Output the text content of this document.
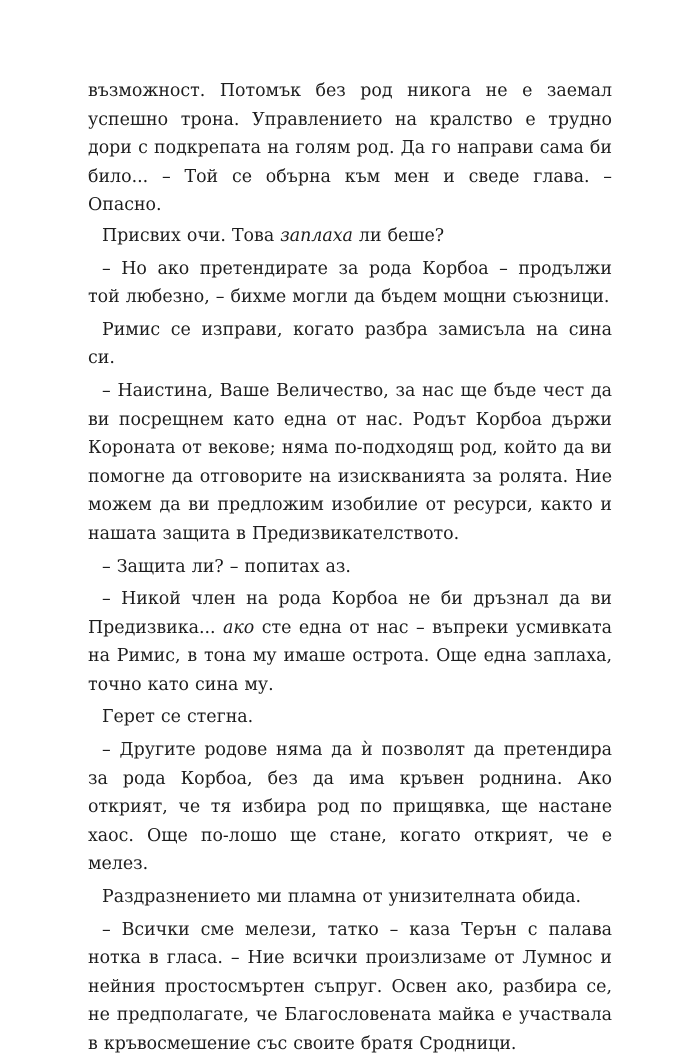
възможност. Потомък без род никога не е заемал успешно трона. Управлението на кралство е трудно дори с подкрепата на голям род. Да го направи сама би било... – Той се обърна към мен и сведе глава. – Опасно.

Присвих очи. Това заплаха ли беше?

– Но ако претендирате за рода Корбоа – продължи той любезно, – бихме могли да бъдем мощни съюзници.

Римис се изправи, когато разбра замисъла на сина си.

– Наистина, Ваше Величество, за нас ще бъде чест да ви посрещнем като една от нас. Родът Корбоа държи Короната от векове; няма по-подходящ род, който да ви помогне да отговорите на изискванията за ролята. Ние можем да ви предложим изобилие от ресурси, както и нашата защита в Предизвикателството.

– Защита ли? – попитах аз.

– Никой член на рода Корбоа не би дръзнал да ви Предизвика... ако сте една от нас – въпреки усмивката на Римис, в тона му имаше острота. Още една заплаха, точно като сина му.

Герет се стегна.

– Другите родове няма да ѝ позволят да претендира за рода Корбоа, без да има кръвен роднина. Ако открият, че тя избира род по прищявка, ще настане хаос. Още по-лошо ще стане, когато открият, че е мелез.

Раздразнението ми пламна от унизителната обида.

– Всички сме мелези, татко – каза Терън с палава нотка в гласа. – Ние всички произлизаме от Лумнос и нейния простосмъртен съпруг. Освен ако, разбира се, не предполагате, че Благословената майка е участвала в кръвосмешение със своите братя Сродници.
